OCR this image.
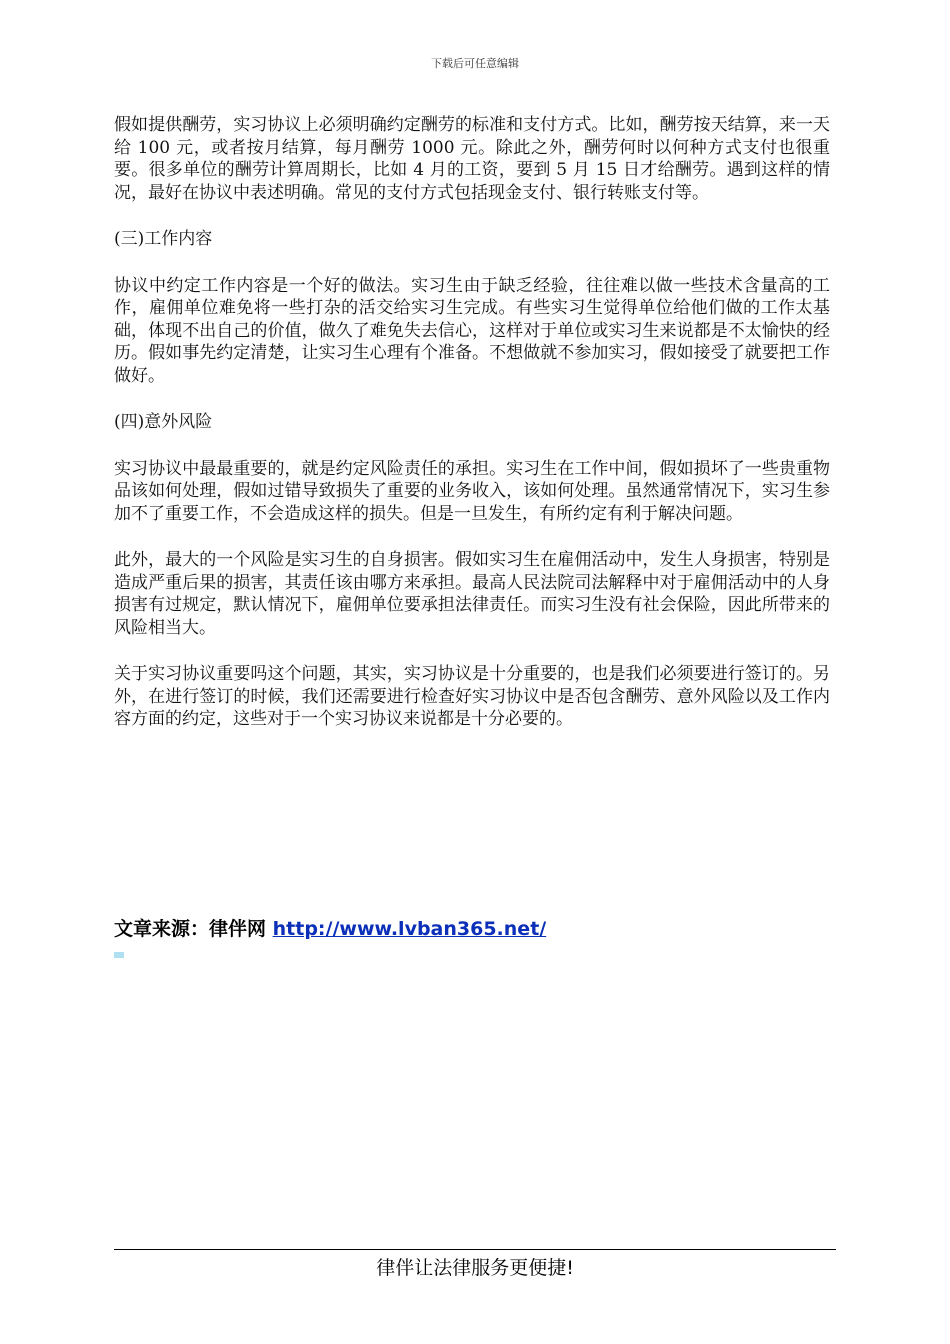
下载后可任意编辑

假如提供酬劳，实习协议上必须明确约定酬劳的标准和支付方式。比如，酬劳按天结算，来一天给 100 元，或者按月结算，每月酬劳 1000 元。除此之外，酬劳何时以何种方式支付也很重要。很多单位的酬劳计算周期长，比如 4 月的工资，要到 5 月 15 日才给酬劳。遇到这样的情况，最好在协议中表述明确。常见的支付方式包括现金支付、银行转账支付等。

(三)工作内容

协议中约定工作内容是一个好的做法。实习生由于缺乏经验，往往难以做一些技术含量高的工作，雇佣单位难免将一些打杂的活交给实习生完成。有些实习生觉得单位给他们做的工作太基础，体现不出自己的价值，做久了难免失去信心，这样对于单位或实习生来说都是不太愉快的经历。假如事先约定清楚，让实习生心理有个准备。不想做就不参加实习，假如接受了就要把工作做好。

(四)意外风险

实习协议中最最重要的，就是约定风险责任的承担。实习生在工作中间，假如损坏了一些贵重物品该如何处理，假如过错导致损失了重要的业务收入，该如何处理。虽然通常情况下，实习生参加不了重要工作，不会造成这样的损失。但是一旦发生，有所约定有利于解决问题。

此外，最大的一个风险是实习生的自身损害。假如实习生在雇佣活动中，发生人身损害，特别是造成严重后果的损害，其责任该由哪方来承担。最高人民法院司法解释中对于雇佣活动中的人身损害有过规定，默认情况下，雇佣单位要承担法律责任。而实习生没有社会保险，因此所带来的风险相当大。

关于实习协议重要吗这个问题，其实，实习协议是十分重要的，也是我们必须要进行签订的。另外，在进行签订的时候，我们还需要进行检查好实习协议中是否包含酬劳、意外风险以及工作内容方面的约定，这些对于一个实习协议来说都是十分必要的。

文章来源：律伴网 http://www.lvban365.net/
律伴让法律服务更便捷!
